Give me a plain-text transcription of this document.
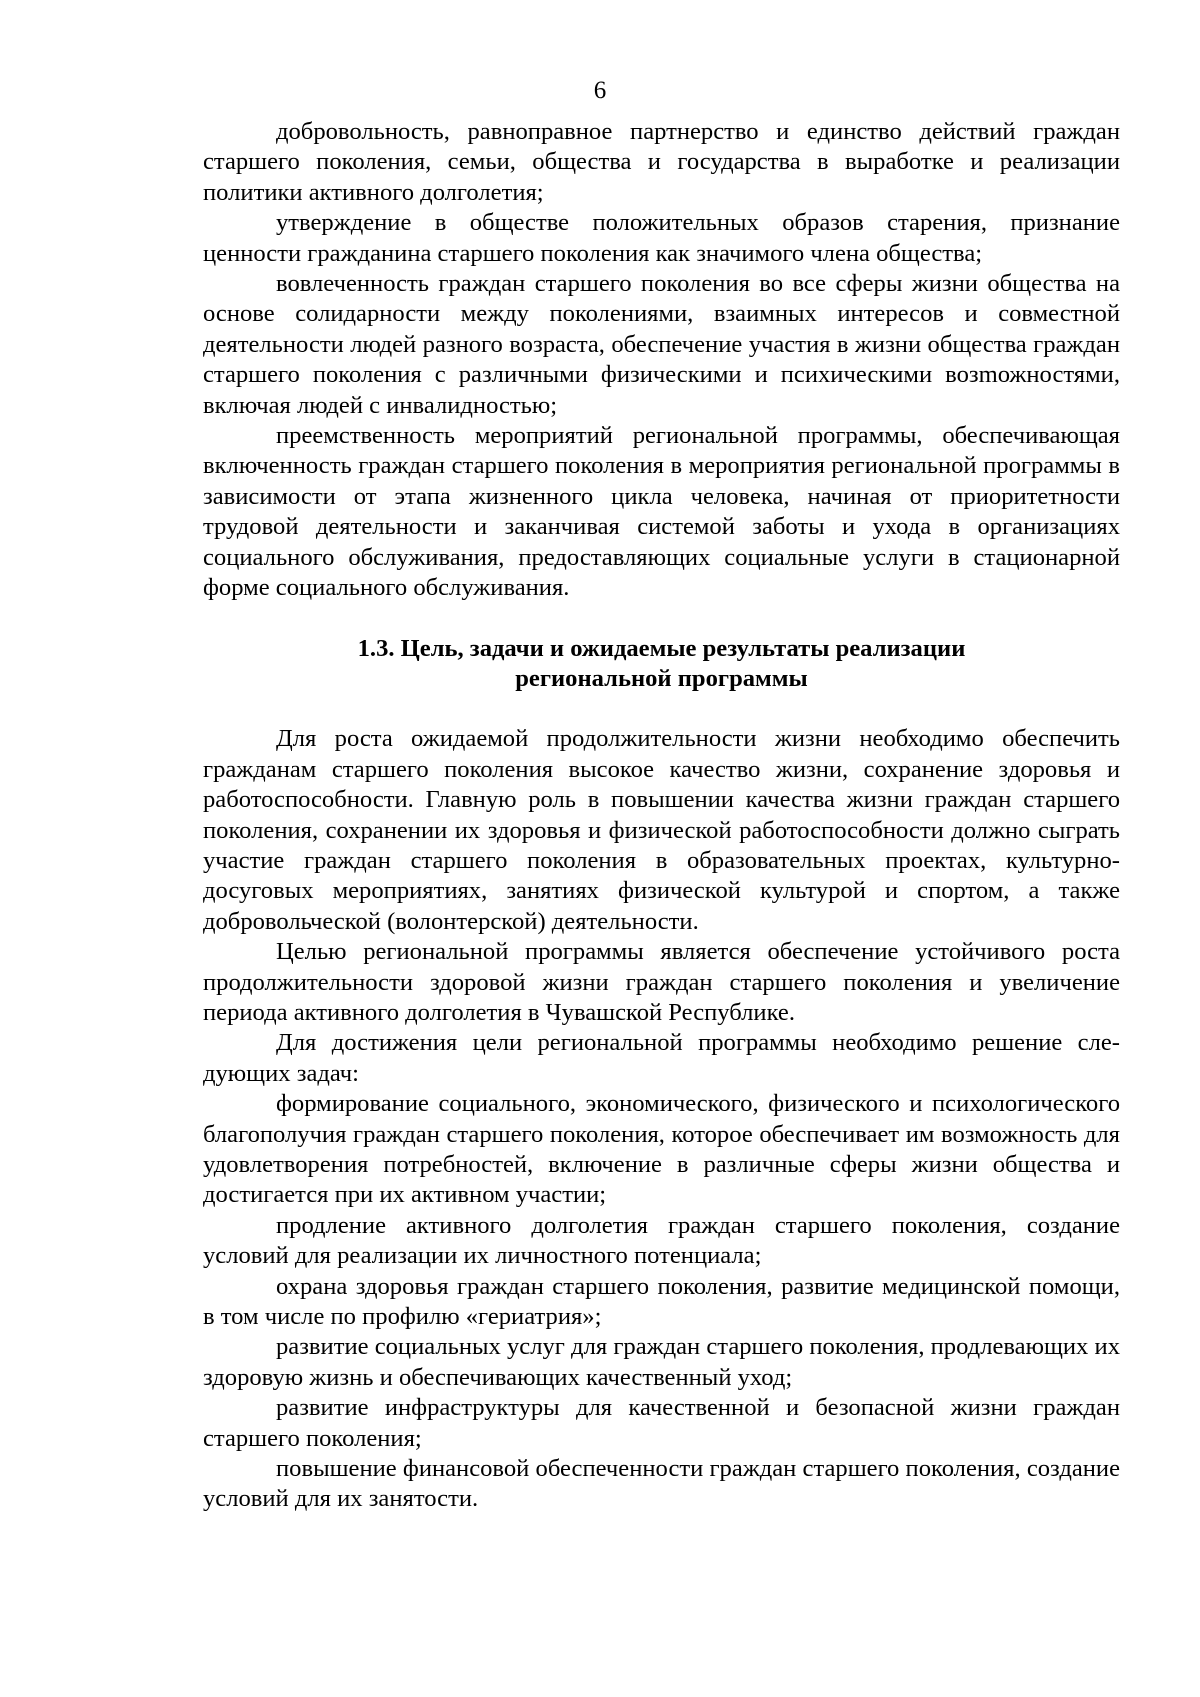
6

добровольность, равноправное партнерство и единство действий граждан старшего поколения, семьи, общества и государства в выработке и реализации политики активного долголетия;

утверждение в обществе положительных образов старения, признание ценности гражданина старшего поколения как значимого члена общества;

вовлеченность граждан старшего поколения во все сферы жизни общества на основе солидарности между поколениями, взаимных интересов и совместной деятельности людей разного возраста, обеспечение участия в жизни общества граждан старшего поколения с различными физическими и психическими возmожностями, включая людей с инвалидностью;

преемственность мероприятий региональной программы, обеспечивающая включенность граждан старшего поколения в мероприятия региональной программы в зависимости от этапа жизненного цикла человека, начиная от приоритетности трудовой деятельности и заканчивая системой заботы и ухода в организациях социального обслуживания, предоставляющих социальные услуги в стационарной форме социального обслуживания.

1.3. Цель, задачи и ожидаемые результаты реализации

региональной программы

Для роста ожидаемой продолжительности жизни необходимо обеспечить гражданам старшего поколения высокое качество жизни, сохранение здоровья и работоспособности. Главную роль в повышении качества жизни граждан старшего поколения, сохранении их здоровья и физической работоспособности должно сыграть участие граждан старшего поколения в образовательных проектах, культурно-досуговых мероприятиях, занятиях физической культурой и спортом, а также добровольческой (волонтерской) деятельности.

Целью региональной программы является обеспечение устойчивого роста продолжительности здоровой жизни граждан старшего поколения и увеличение периода активного долголетия в Чувашской Республике.

Для достижения цели региональной программы необходимо решение следующих задач:

формирование социального, экономического, физического и психологического благополучия граждан старшего поколения, которое обеспечивает им возможность для удовлетворения потребностей, включение в различные сферы жизни общества и достигается при их активном участии;

продление активного долголетия граждан старшего поколения, создание условий для реализации их личностного потенциала;

охрана здоровья граждан старшего поколения, развитие медицинской помощи, в том числе по профилю «гериатрия»;

развитие социальных услуг для граждан старшего поколения, продлевающих их здоровую жизнь и обеспечивающих качественный уход;

развитие инфраструктуры для качественной и безопасной жизни граждан старшего поколения;

повышение финансовой обеспеченности граждан старшего поколения, создание условий для их занятости.
